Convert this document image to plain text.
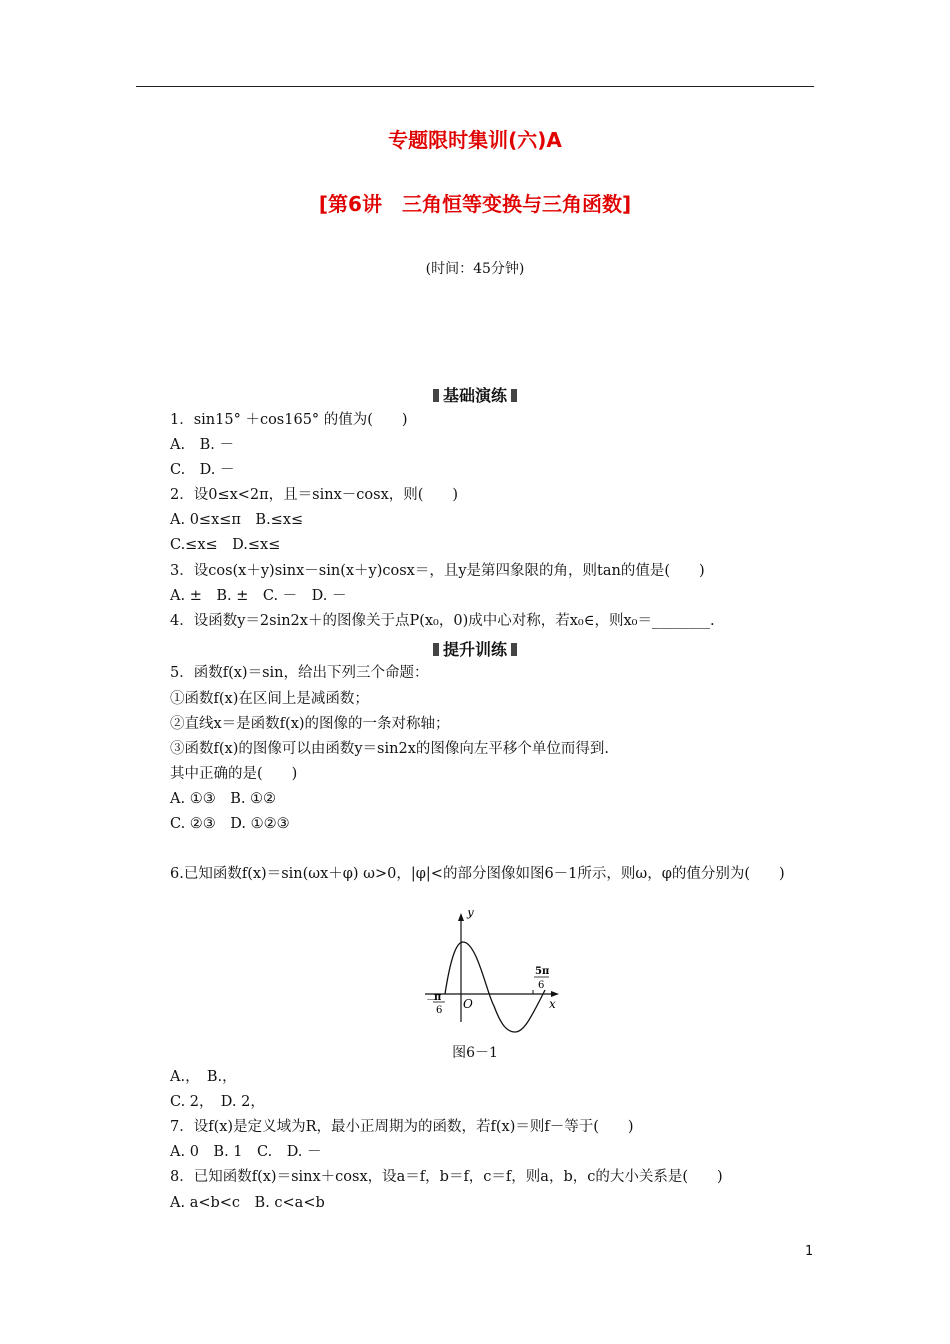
专题限时集训(六)A
[第6讲　三角恒等变换与三角函数]
(时间：45分钟)
基础演练
1．sin15° ＋cos165° 的值为(　　)
A.　B. －
C.　D. －
2．设0≤x<2π，且＝sinx－cosx，则(　　)
A. 0≤x≤π　B.≤x≤
C.≤x≤　D.≤x≤
3．设cos(x＋y)sinx－sin(x＋y)cosx＝，且y是第四象限的角，则tan的值是(　　)
A. ±　B. ±　C. －　D. －
4．设函数y＝2sin2x＋的图像关于点P(x₀，0)成中心对称，若x₀∈，则x₀＝________.
提升训练
5．函数f(x)＝sin，给出下列三个命题：
①函数f(x)在区间上是减函数；
②直线x＝是函数f(x)的图像的一条对称轴；
③函数f(x)的图像可以由函数y＝sin2x的图像向左平移个单位而得到.
其中正确的是(　　)
A. ①③　B. ①②
C. ②③　D. ①②③
6.已知函数f(x)＝sin(ωx＋φ) ω>0，|φ|<的部分图像如图6－1所示，则ω，φ的值分别为(　　)
y
x
O
－
π
6
5π
6
图6－1
A.，　B.，
C. 2，　D. 2，
7．设f(x)是定义域为R，最小正周期为的函数，若f(x)＝则f－等于(　　)
A. 0　B. 1　C.　D. －
8．已知函数f(x)＝sinx＋cosx，设a＝f，b＝f，c＝f，则a，b，c的大小关系是(　　)
A. a<b<c　B. c<a<b
1
